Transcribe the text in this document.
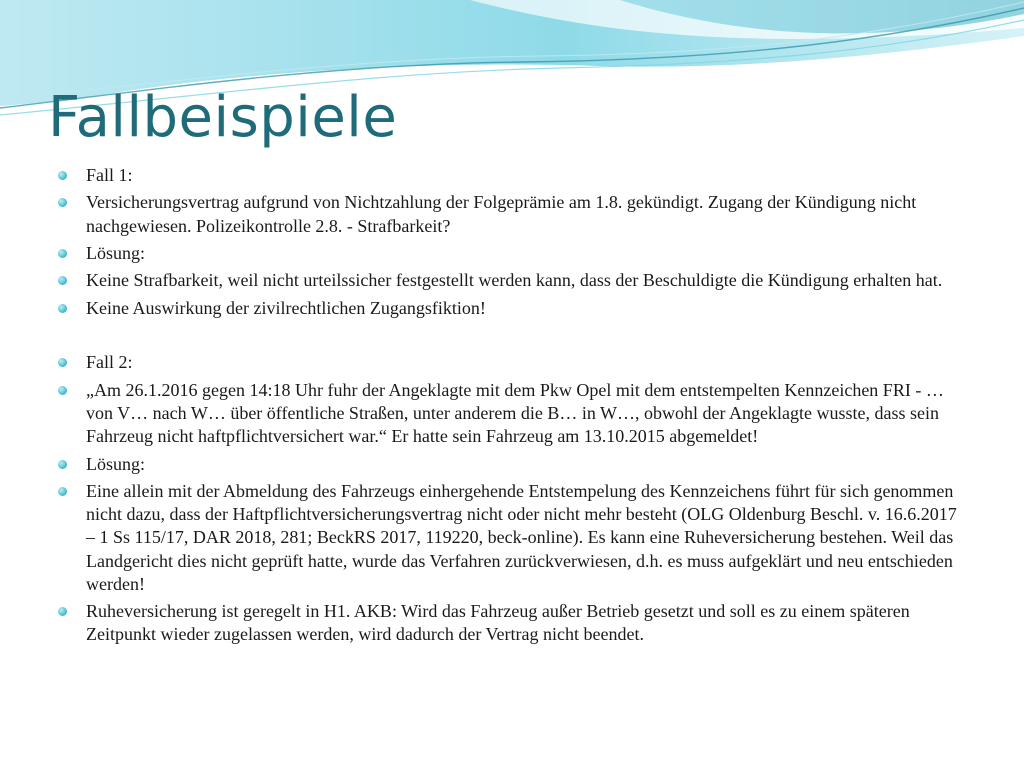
Fallbeispiele
Fall 1:
Versicherungsvertrag aufgrund von Nichtzahlung der Folgeprämie am 1.8. gekündigt. Zugang der Kündigung nicht nachgewiesen. Polizeikontrolle 2.8. - Strafbarkeit?
Lösung:
Keine Strafbarkeit, weil nicht urteilssicher festgestellt werden kann, dass der Beschuldigte die Kündigung erhalten hat.
Keine Auswirkung der zivilrechtlichen Zugangsfiktion!
Fall 2:
„Am 26.1.2016 gegen 14:18 Uhr fuhr der Angeklagte mit dem Pkw Opel mit dem entstempelten Kennzeichen FRI - … von V… nach W… über öffentliche Straßen, unter anderem die B… in W…, obwohl der Angeklagte wusste, dass sein Fahrzeug nicht haftpflichtversichert war.“ Er hatte sein Fahrzeug am 13.10.2015 abgemeldet!
Lösung:
Eine allein mit der Abmeldung des Fahrzeugs einhergehende Entstempelung des Kennzeichens führt für sich genommen nicht dazu, dass der Haftpflichtversicherungsvertrag nicht oder nicht mehr besteht (OLG Oldenburg Beschl. v. 16.6.2017 – 1 Ss 115/17, DAR 2018, 281; BeckRS 2017, 119220, beck-online). Es kann eine Ruheversicherung bestehen. Weil das Landgericht dies nicht geprüft hatte, wurde das Verfahren zurückverwiesen, d.h. es muss aufgeklärt und neu entschieden werden!
Ruheversicherung ist geregelt in H1. AKB: Wird das Fahrzeug außer Betrieb gesetzt und soll es zu einem späteren Zeitpunkt wieder zugelassen werden, wird dadurch der Vertrag nicht beendet.
